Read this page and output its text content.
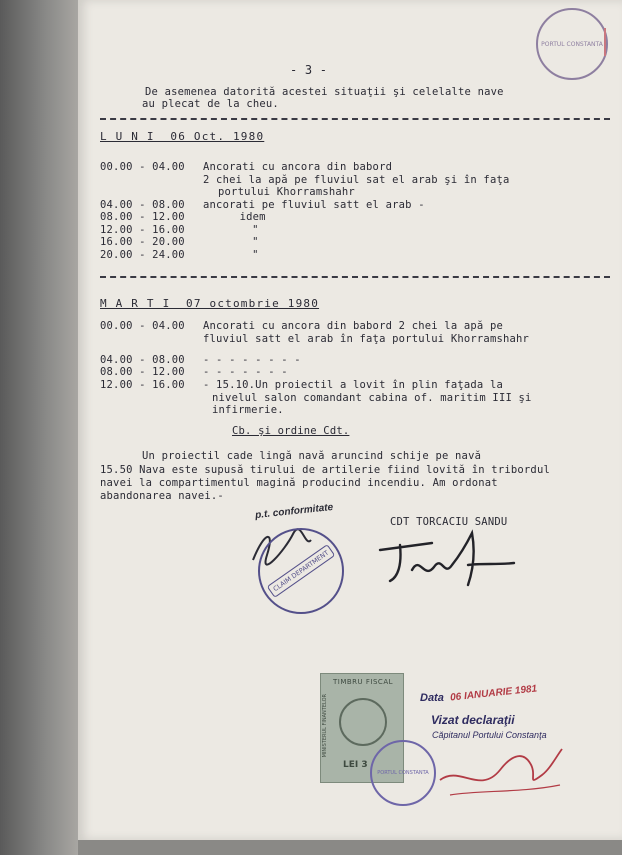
PORTUL CONSTANTA
- 3 -
De asemenea datorită acestei situaţii şi celelalte nave
au plecat de la cheu.
L U N I  06 Oct. 1980
00.00 - 04.00 Ancorati cu ancora din babord
2 chei la apă pe fluviul sat el arab şi în faţa
portului Khorramshahr
04.00 - 08.00 ancorati pe fluviul satt el arab -
08.00 - 12.00	idem
12.00 - 16.00	"
16.00 - 20.00	"
20.00 - 24.00	"
M A R T I  07 octombrie 1980
00.00 - 04.00 Ancorati cu ancora din babord 2 chei la apă pe
fluviul satt el arab în faţa portului Khorramshahr
04.00 - 08.00 - - - - - - - -
08.00 - 12.00 - - - - - - -
12.00 - 16.00 - 15.10.Un proiectil a lovit în plin faţada la
nivelul salon comandant cabina of. maritim III şi
infirmerie.
Cb. şi ordine Cdt.
Un proiectil cade lingă navă aruncind schije pe navă
15.50 Nava este supusă tirului de artilerie fiind lovită în tribordul
navei la compartimentul magină producind incendiu. Am ordonat
abandonarea navei.-
p.t. conformitate
CDT TORCACIU SANDU
CLAIM DEPARTMENT
TIMBRU FISCAL
MINISTERUL FINANTELOR
LEI 3
PORTUL CONSTANTA
Data 06 IANUARIE 1981
Vizat declaraţii
Căpitanul Portului Constanţa
